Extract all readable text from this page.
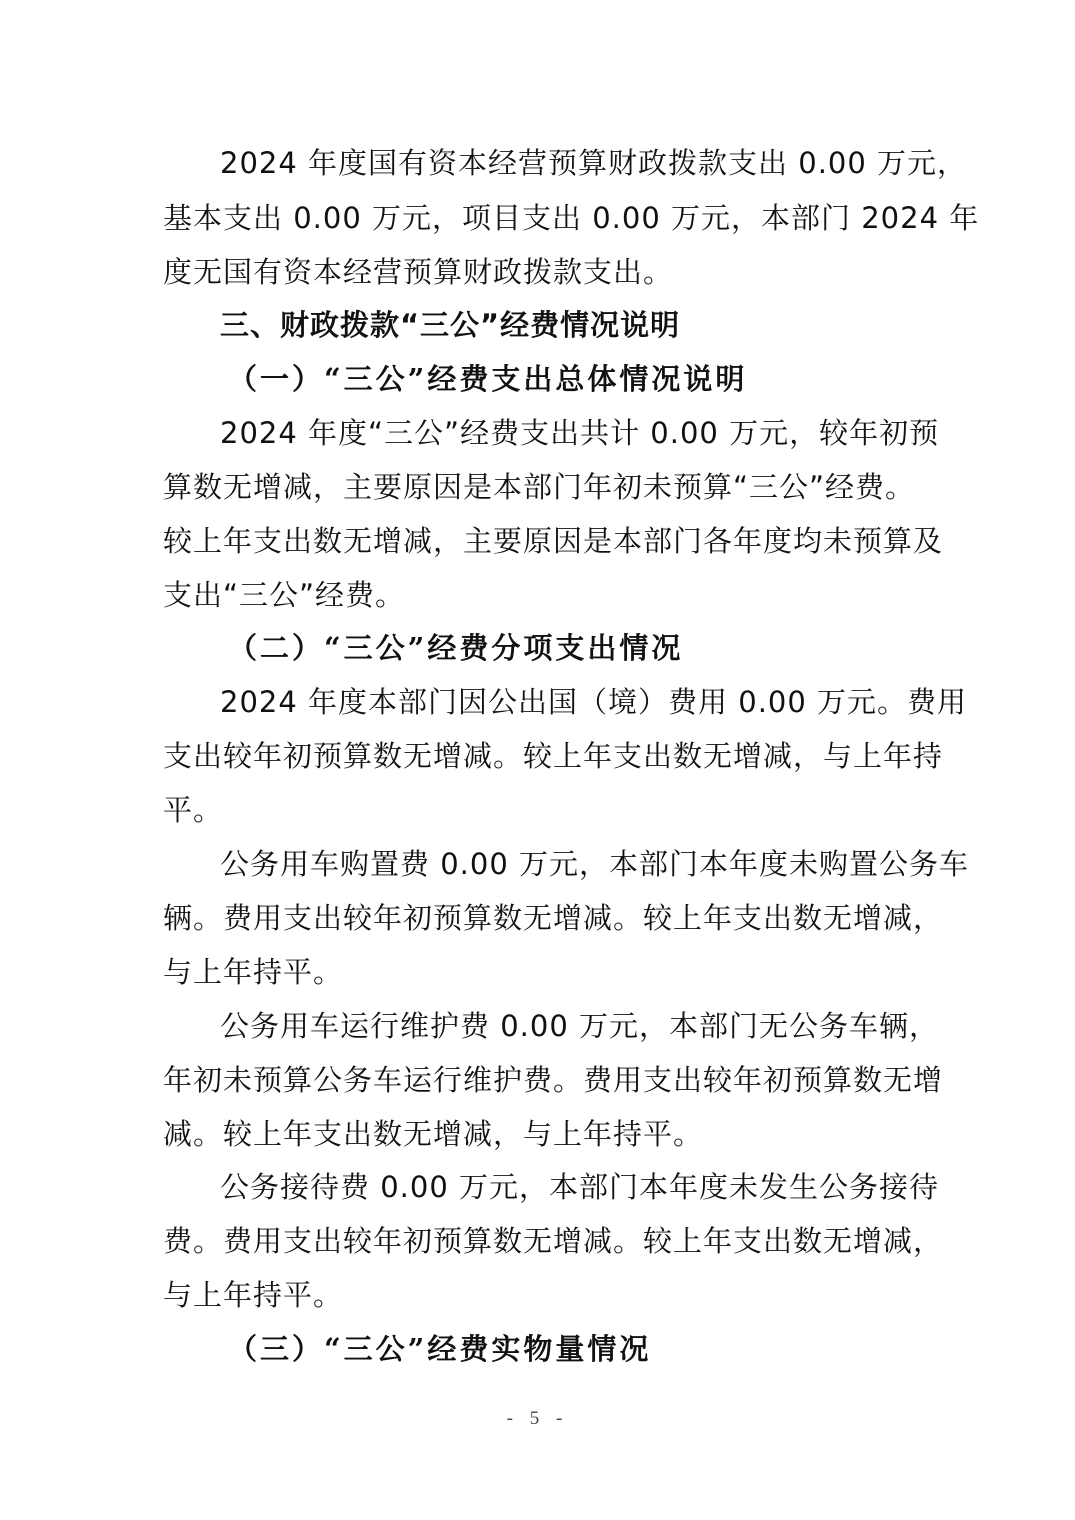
2024 年度国有资本经营预算财政拨款支出 0.00 万元，
基本支出 0.00 万元，项目支出 0.00 万元，本部门 2024 年
度无国有资本经营预算财政拨款支出。
三、财政拨款“三公”经费情况说明
（一）“三公”经费支出总体情况说明
2024 年度“三公”经费支出共计 0.00 万元，较年初预
算数无增减，主要原因是本部门年初未预算“三公”经费。
较上年支出数无增减，主要原因是本部门各年度均未预算及
支出“三公”经费。
（二）“三公”经费分项支出情况
2024 年度本部门因公出国（境）费用 0.00 万元。费用
支出较年初预算数无增减。较上年支出数无增减，与上年持
平。
公务用车购置费 0.00 万元，本部门本年度未购置公务车
辆。费用支出较年初预算数无增减。较上年支出数无增减，
与上年持平。
公务用车运行维护费 0.00 万元，本部门无公务车辆，
年初未预算公务车运行维护费。费用支出较年初预算数无增
减。较上年支出数无增减，与上年持平。
公务接待费 0.00 万元，本部门本年度未发生公务接待
费。费用支出较年初预算数无增减。较上年支出数无增减，
与上年持平。
（三）“三公”经费实物量情况
- 5 -
